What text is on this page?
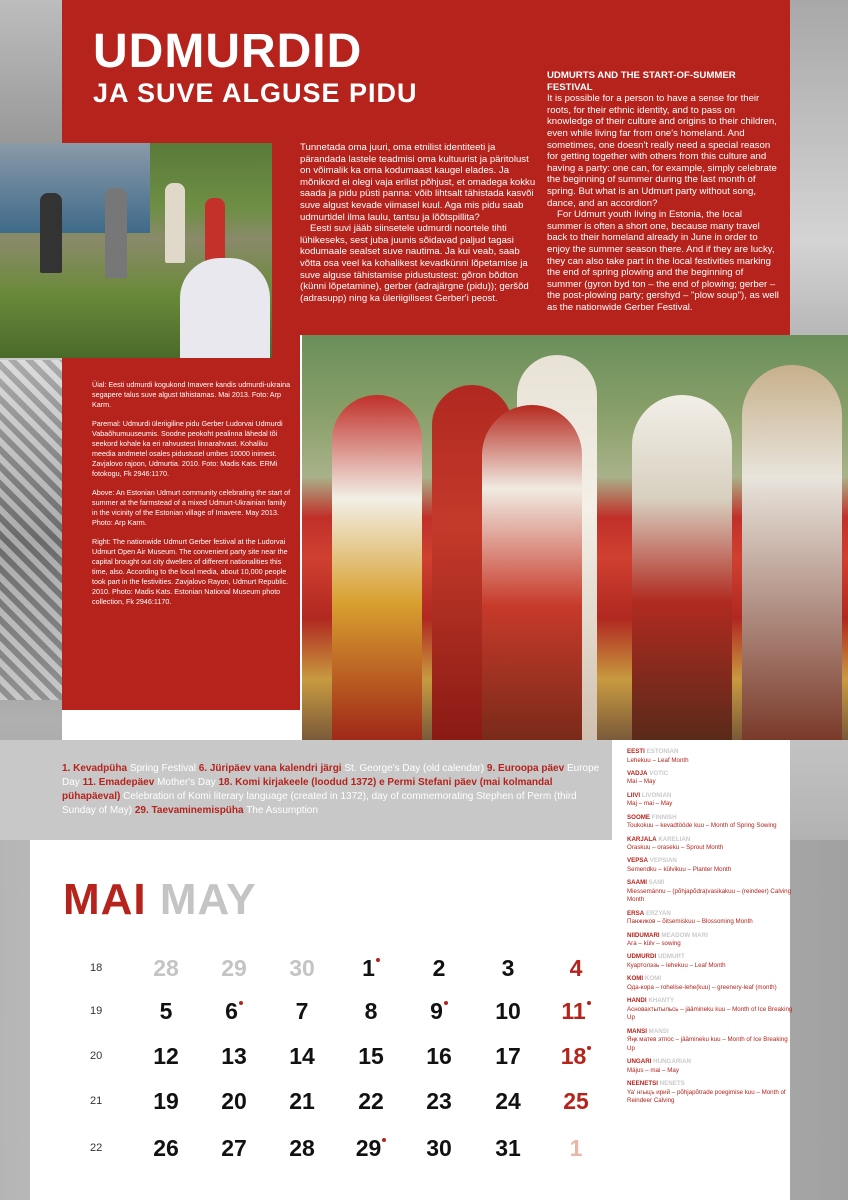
UDMURDID
JA SUVE ALGUSE PIDU

Tunnetada oma juuri, oma etnilist identiteeti ja pärandada lastele teadmisi oma kultuurist ja päritolust on võimalik ka oma kodumaast kaugel elades. Ja mõnikord ei olegi vaja erilist põhjust, et omadega kokku saada ja pidu püsti panna: võib lihtsalt tähistada kasvõi suve algust kevade viimasel kuul. Aga mis pidu saab udmurtidel ilma laulu, tantsu ja lõõtspillita?

Eesti suvi jääb siinsetele udmurdi noortele tihti lühikeseks, sest juba juunis sõidavad paljud tagasi kodumaale sealset suve nautima. Ja kui veab, saab võtta osa veel ka kohalikest kevadkünni lõpetamise ja suve alguse tähistamise pidustustest: gõron bõdton (künni lõpetamine), gerber (adrajärgne (pidu)); geršõd (adrasupp) ning ka üleriigilisest Gerber'i peost.

UDMURTS AND THE START-OF-SUMMER FESTIVAL

It is possible for a person to have a sense for their roots, for their ethnic identity, and to pass on knowledge of their culture and origins to their children, even while living far from one's homeland. And sometimes, one doesn't really need a special reason for getting together with others from this culture and having a party: one can, for example, simply celebrate the beginning of summer during the last month of spring. But what is an Udmurt party without song, dance, and an accordion?

For Udmurt youth living in Estonia, the local summer is often a short one, because many travel back to their homeland already in June in order to enjoy the summer season there. And if they are lucky, they can also take part in the local festivities marking the end of spring plowing and the beginning of summer (gyron byd ton – the end of plowing; gerber – the post-plowing party; gershyd – "plow soup"), as well as the nationwide Gerber Festival.

Üial: Eesti udmurdi kogukond Imavere kandis udmurdi-ukraina segapere talus suve algust tähistamas. Mai 2013. Foto: Arp Karm.

Paremal: Udmurdi üleriigiline pidu Gerber Ludorvai Udmurdi Vabaõhumuuseumis. Soodne peokoht pealinna lähedal tõi seekord kohale ka eri rahvustest linnarahvast. Kohaliku meedia andmetel osales pidustusel umbes 10000 inimest. Zavjalovo rajoon, Udmurtia. 2010. Foto: Madis Kats. ERMi fotokogu, Fk 2946:1170.

Above: An Estonian Udmurt community celebrating the start of summer at the farmstead of a mixed Udmurt-Ukrainian family in the vicinity of the Estonian village of Imavere. May 2013. Photo: Arp Karm.

Right: The nationwide Udmurt Gerber festival at the Ludorvai Udmurt Open Air Museum. The convenient party site near the capital brought out city dwellers of different nationalities this time, also. According to the local media, about 10,000 people took part in the festivities. Zavjalovo Rayon, Udmurt Republic. 2010. Photo: Madis Kats. Estonian National Museum photo collection, Fk 2946:1170.

1. Kevadpüha Spring Festival 6. Jüripäev vana kalendri järgi St. George's Day (old calendar) 9. Euroopa päev Europe Day 11. Emadepäev Mother's Day 18. Komi kirjakeele (loodud 1372) e Permi Stefani päev (mai kolmandal pühapäeval) Celebration of Komi literary language (created in 1372), day of commemorating Stephen of Perm (third Sunday of May) 29. Taevaminemispüha The Assumption
EESTI ESTONIAN
Lehekuu – Leaf Month
VADJA VOTIC
Mai – May
LIIVI LIVONIAN
Maj – mai – May
SOOME FINNISH
Toukokuu – kevadtööde kuu – Month of Spring Sowing
KARJALA KARELIAN
Oraskuu – oraseku – Sprout Month
VEPSA VEPSIAN
Semendku – külvikuu – Planter Month
SAAMI SAMI
Miessemánnu – (põhjapõdra)vasikakuu – (reindeer) Calving Month
ERSA ERZYAN
Панжиков – õitsemiskuu – Blossoming Month
NIIDUMARI MEADOW MARI
Ага – külv – sowing
UDMURDI UDMURT
Куартолэзь – lehekuu – Leaf Month
KOMI KOMI
Ода-кора – rohelise-lehe(kuu) – greenery-leaf (month)
HANDI KHANTY
Асновахтытыльсь – jäämineku kuu – Month of Ice Breaking Up
MANSI MANSI
Яңк матев этпос – jäämineku kuu – Month of Ice Breaking Up
UNGARI HUNGARIAN
Május – mai – May
NEENETSI NENETS
Ya' нгыцъ ирий – põhjapõtrade poegimise kuu – Month of Reindeer Calving
MAI MAY
18	28	29	30	1	2	3	4
19	5	6	7	8	9	10	11
20	12	13	14	15	16	17	18
21	19	20	21	22	23	24	25
22	26	27	28	29	30	31	1
